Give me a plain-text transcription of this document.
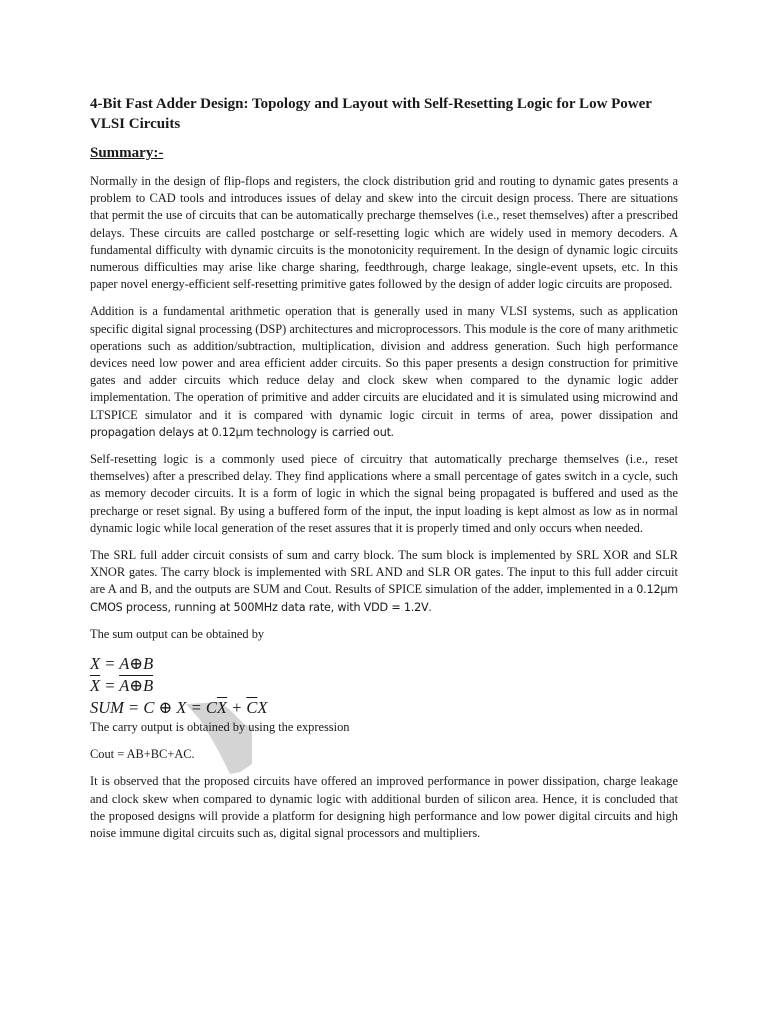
4-Bit Fast Adder Design: Topology and Layout with Self-Resetting Logic for Low Power VLSI Circuits
Summary:-

Normally in the design of flip-flops and registers, the clock distribution grid and routing to dynamic gates presents a problem to CAD tools and introduces issues of delay and skew into the circuit design process. There are situations that permit the use of circuits that can be automatically precharge themselves (i.e., reset themselves) after a prescribed delays. These circuits are called postcharge or self-resetting logic which are widely used in memory decoders. A fundamental difficulty with dynamic circuits is the monotonicity requirement. In the design of dynamic logic circuits numerous difficulties may arise like charge sharing, feedthrough, charge leakage, single-event upsets, etc. In this paper novel energy-efficient self-resetting primitive gates followed by the design of adder logic circuits are proposed.

Addition is a fundamental arithmetic operation that is generally used in many VLSI systems, such as application specific digital signal processing (DSP) architectures and microprocessors. This module is the core of many arithmetic operations such as addition/subtraction, multiplication, division and address generation. Such high performance devices need low power and area efficient adder circuits. So this paper presents a design construction for primitive gates and adder circuits which reduce delay and clock skew when compared to the dynamic logic adder implementation. The operation of primitive and adder circuits are elucidated and it is simulated using microwind and LTSPICE simulator and it is compared with dynamic logic circuit in terms of area, power dissipation and propagation delays at 0.12µm technology is carried out.

Self-resetting logic is a commonly used piece of circuitry that automatically precharge themselves (i.e., reset themselves) after a prescribed delay. They find applications where a small percentage of gates switch in a cycle, such as memory decoder circuits. It is a form of logic in which the signal being propagated is buffered and used as the precharge or reset signal. By using a buffered form of the input, the input loading is kept almost as low as in normal dynamic logic while local generation of the reset assures that it is properly timed and only occurs when needed.

The SRL full adder circuit consists of sum and carry block. The sum block is implemented by SRL XOR and SLR XNOR gates. The carry block is implemented with SRL AND and SLR OR gates. The input to this full adder circuit are A and B, and the outputs are SUM and Cout. Results of SPICE simulation of the adder, implemented in a 0.12µm CMOS process, running at 500MHz data rate, with VDD = 1.2V.

The sum output can be obtained by

X = A⊕B
$\overline{X}$ = A⊕B
SUM = C ⊕ $X = C\overline{X} + \overline{C}X$

The carry output is obtained by using the expression

Cout = AB+BC+AC.

It is observed that the proposed circuits have offered an improved performance in power dissipation, charge leakage and clock skew when compared to dynamic logic with additional burden of silicon area. Hence, it is concluded that the proposed designs will provide a platform for designing high performance and low power digital circuits and high noise immune digital circuits such as, digital signal processors and multipliers.
